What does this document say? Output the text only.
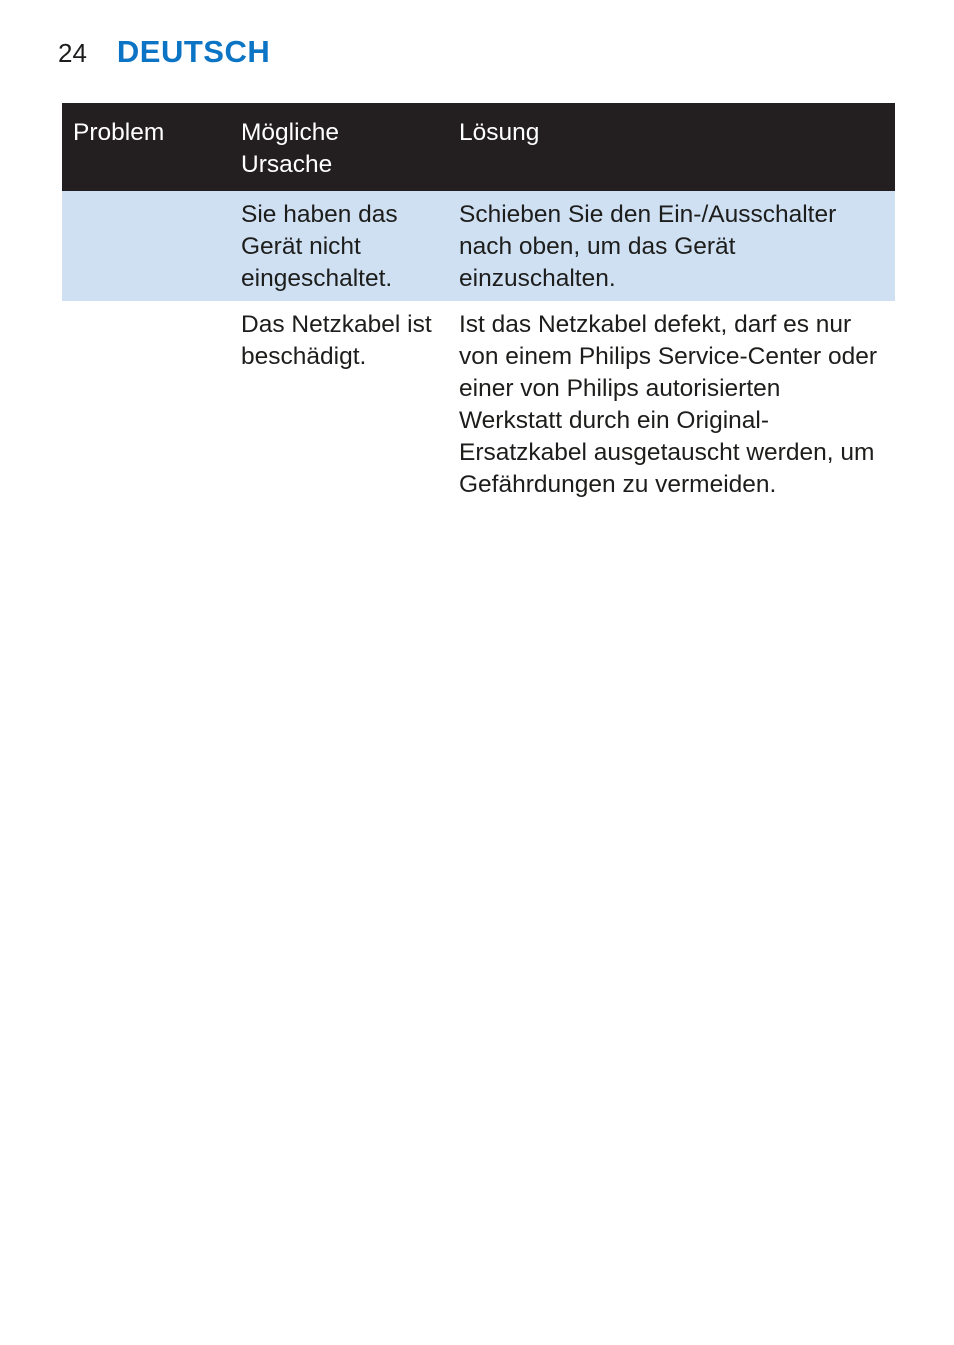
24 DEUTSCH
Problem	Mögliche Ursache	Lösung

	Sie haben das Gerät nicht eingeschaltet.	Schieben Sie den Ein-/Ausschalter nach oben, um das Gerät einzuschalten.

	Das Netzkabel ist beschädigt.	Ist das Netzkabel defekt, darf es nur von einem Philips Service-Center oder einer von Philips autorisierten Werkstatt durch ein Original-Ersatzkabel ausgetauscht werden, um Gefährdungen zu vermeiden.
